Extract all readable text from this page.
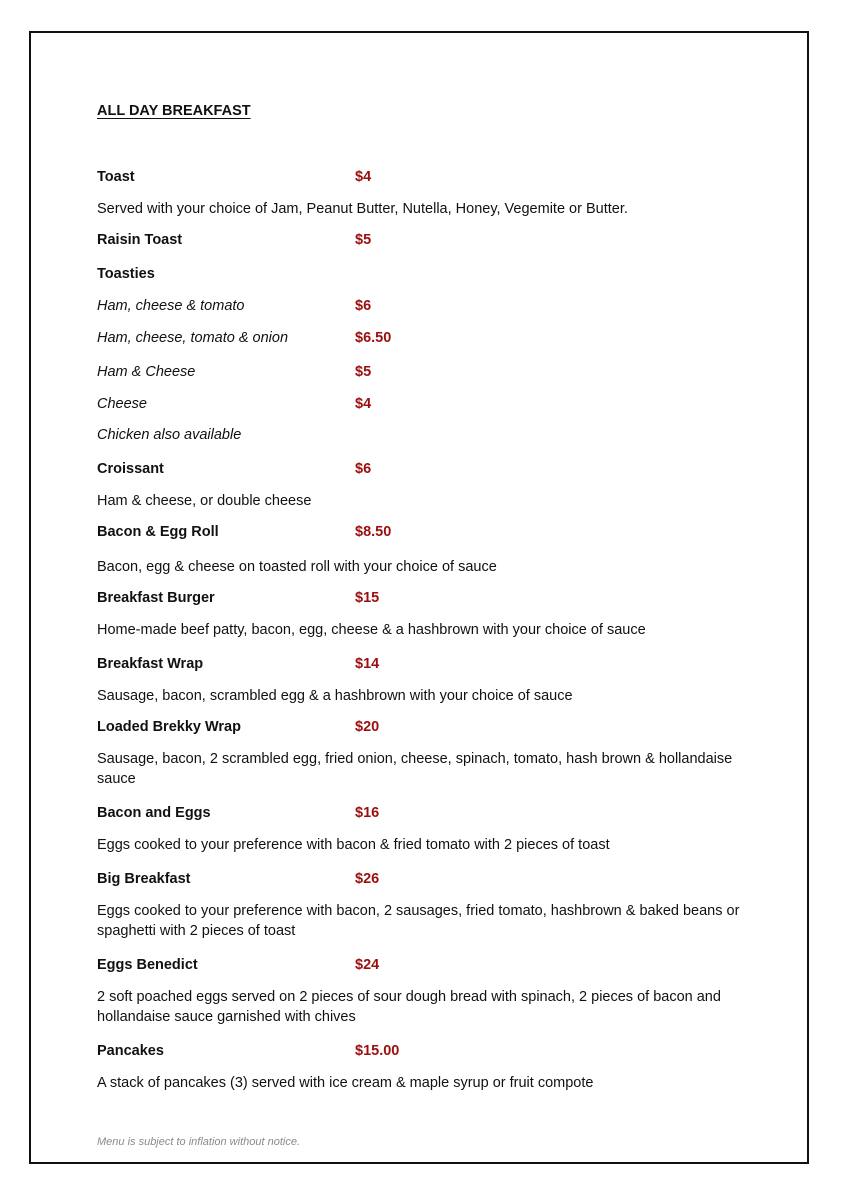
ALL DAY BREAKFAST
Toast	$4
Served with your choice of Jam, Peanut Butter, Nutella, Honey, Vegemite or Butter.
Raisin Toast	$5
Toasties
Ham, cheese & tomato	$6
Ham, cheese, tomato & onion	$6.50
Ham & Cheese	$5
Cheese	$4
Chicken also available
Croissant	$6
Ham & cheese, or double cheese
Bacon & Egg Roll	$8.50
Bacon, egg & cheese on toasted roll with your choice of sauce
Breakfast Burger	$15
Home-made beef patty, bacon, egg, cheese & a hashbrown with your choice of sauce
Breakfast Wrap	$14
Sausage, bacon, scrambled egg & a hashbrown with your choice of sauce
Loaded Brekky Wrap	$20
Sausage, bacon, 2 scrambled egg, fried onion, cheese, spinach, tomato, hash brown & hollandaise sauce
Bacon and Eggs	$16
Eggs cooked to your preference with bacon & fried tomato with 2 pieces of toast
Big Breakfast	$26
Eggs cooked to your preference with bacon, 2 sausages, fried tomato, hashbrown & baked beans or spaghetti with 2 pieces of toast
Eggs Benedict	$24
2 soft poached eggs served on 2 pieces of sour dough bread with spinach, 2 pieces of bacon and hollandaise sauce garnished with chives
Pancakes	$15.00
A stack of pancakes (3) served with ice cream & maple syrup or fruit compote
Menu is subject to inflation without notice.
